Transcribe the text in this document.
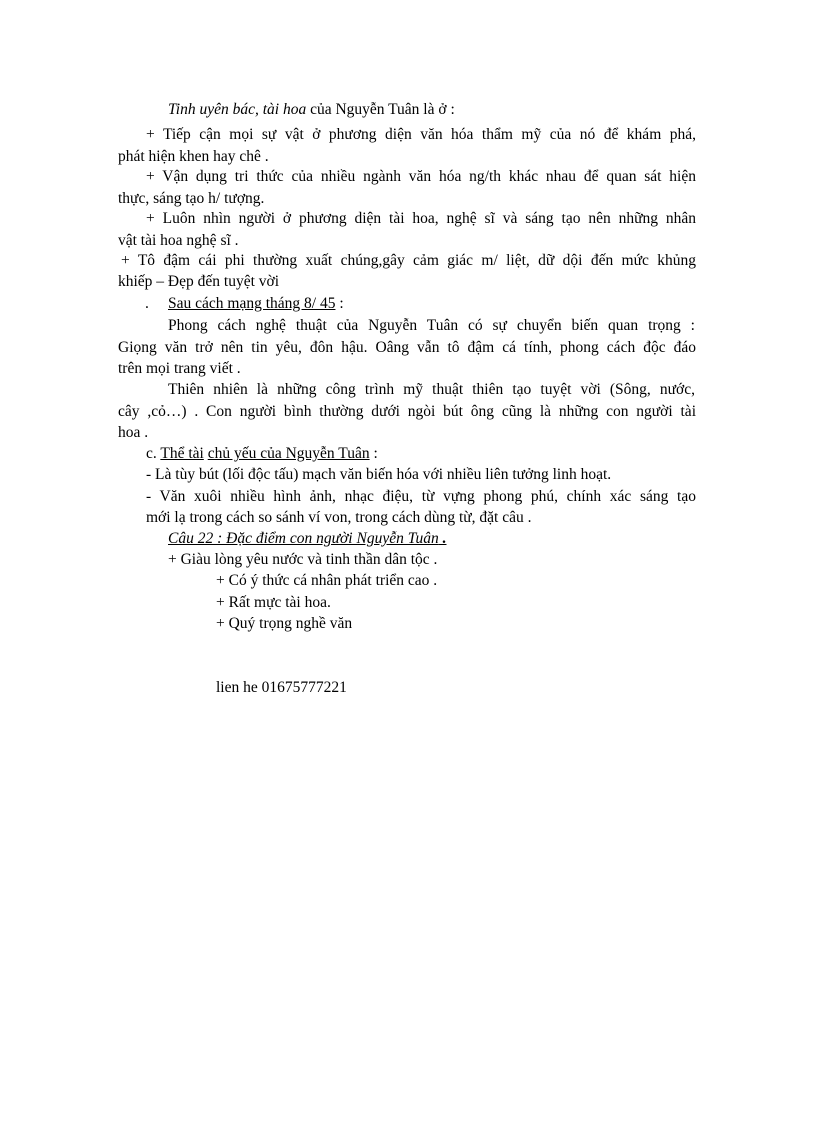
Tinh uyên bác, tài hoa của Nguyễn Tuân là ở :
+ Tiếp cận mọi sự vật ở phương diện văn hóa thẩm mỹ của nó để khám phá,
phát hiện khen hay chê .
+ Vận dụng tri thức của nhiều ngành văn hóa ng/th khác nhau để quan sát hiện
thực, sáng tạo h/ tượng.
+ Luôn nhìn người ở phương diện tài hoa, nghệ sĩ và sáng tạo nên những nhân
vật tài hoa nghệ sĩ .
+ Tô đậm cái phi thường xuất chúng,gây cảm giác m/ liệt, dữ dội đến mức khủng
khiếp – Đẹp đến tuyệt vời
. Sau cách mạng tháng 8/ 45 :
Phong cách nghệ thuật của Nguyễn Tuân có sự chuyển biến quan trọng :
Giọng văn trở nên tin yêu, đôn hậu. Oâng vẫn tô đậm cá tính, phong cách độc đáo
trên mọi trang viết .
Thiên nhiên là những công trình mỹ thuật thiên tạo tuyệt vời (Sông, nước,
cây ,cỏ…) . Con người bình thường dưới ngòi bút ông cũng là những con người tài
hoa .
c. Thể tài chủ yếu của Nguyễn Tuân :
- Là tùy bút (lối độc tấu) mạch văn biến hóa với nhiều liên tưởng linh hoạt.
- Văn xuôi nhiều hình ảnh, nhạc điệu, từ vựng phong phú, chính xác sáng tạo
mới lạ trong cách so sánh ví von, trong cách dùng từ, đặt câu .
Câu 22 : Đặc điểm con người Nguyễn Tuân .
+ Giàu lòng yêu nước và tinh thần dân tộc .
+ Có ý thức cá nhân phát triển cao .
+ Rất mực tài hoa.
+ Quý trọng nghề văn
lien he 01675777221
